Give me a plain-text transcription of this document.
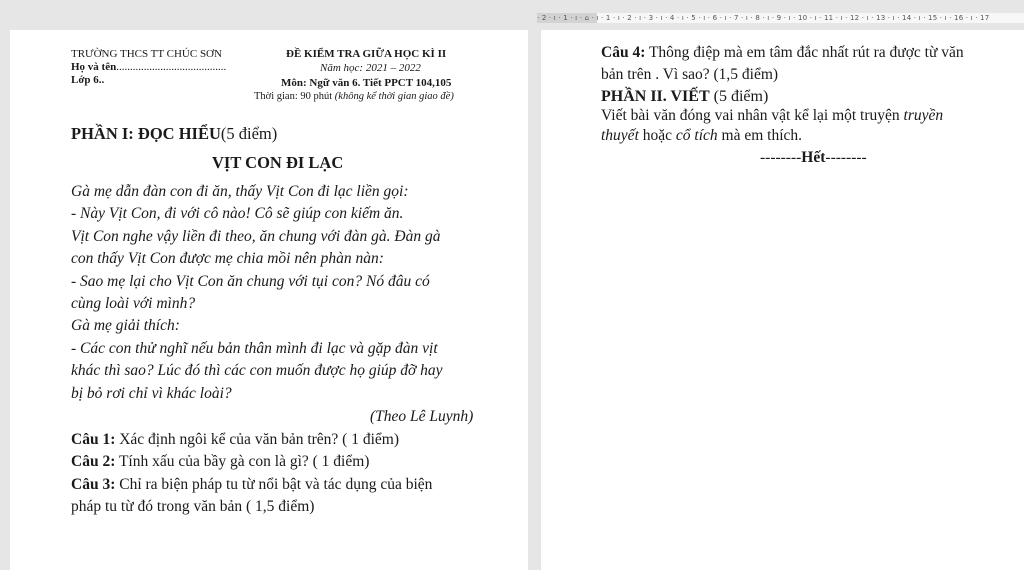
· 2 · ı · 1 · ı · ⌂ · ı · 1 · ı · 2 · ı · 3 · ı · 4 · ı · 5 · ı · 6 · ı · 7 · ı · 8 · ı · 9 · ı · 10 · ı · 11 · ı · 12 · ı · 13 · ı · 14 · ı · 15 · ı · 16 · ı · 17
TRƯỜNG THCS TT CHÚC SƠN
Họ và tên........................................
Lớp 6..
ĐỀ KIỂM TRA GIỮA HỌC KÌ II
Năm học: 2021 – 2022
Môn: Ngữ văn 6. Tiết PPCT 104,105
Thời gian: 90 phút (không kể thời gian giao đề)
PHẦN I: ĐỌC HIỂU(5 điểm)
VỊT CON ĐI LẠC
Gà mẹ dẫn đàn con đi ăn, thấy Vịt Con đi lạc liền gọi:
- Này Vịt Con, đi với cô nào! Cô sẽ giúp con kiếm ăn.
Vịt Con nghe vậy liền đi theo, ăn chung với đàn gà. Đàn gà
con thấy Vịt Con được mẹ chia mồi nên phàn nàn:
- Sao mẹ lại cho Vịt Con ăn chung với tụi con? Nó đâu có
cùng loài với mình?
Gà mẹ giải thích:
- Các con thử nghĩ nếu bản thân mình đi lạc và gặp đàn vịt
khác thì sao? Lúc đó thì các con muốn được họ giúp đỡ hay
bị bỏ rơi chỉ vì khác loài?
(Theo Lê Luynh)
Câu 1: Xác định ngôi kể của văn bản trên? ( 1 điểm)
Câu 2: Tính xấu của bầy gà con là gì? ( 1 điểm)
Câu 3: Chỉ ra biện pháp tu từ nổi bật và tác dụng của biện
pháp tu từ đó trong văn bản ( 1,5 điểm)
Câu 4: Thông điệp mà em tâm đắc nhất rút ra được từ văn
bản trên . Vì sao? (1,5 điểm)
PHẦN II. VIẾT (5 điểm)
Viết bài văn đóng vai nhân vật kể lại một truyện truyền
thuyết hoặc cổ tích mà em thích.
--------Hết--------
